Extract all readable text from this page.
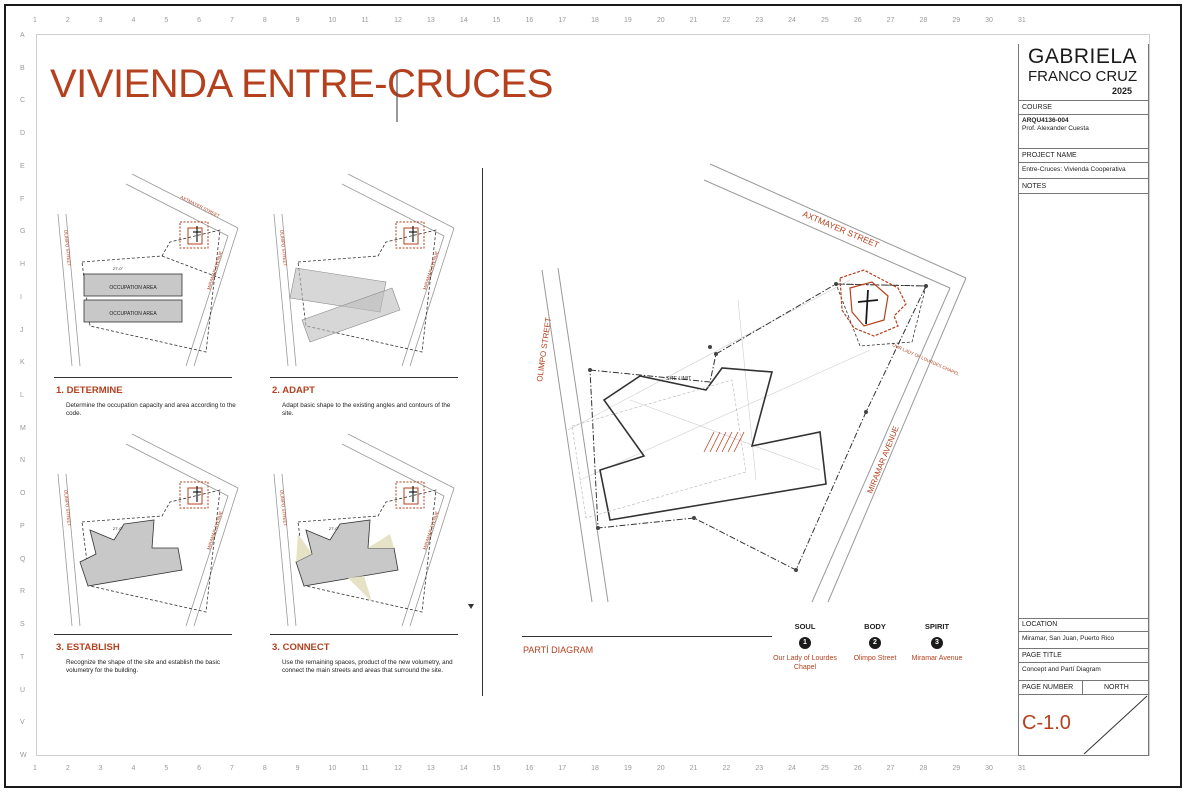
1	2	3	4	5	6	7	8	9	10	11	12	13	14	15	16	17	18	19	20	21	22	23	24	25	26	27	28	29	30	31
1	2	3	4	5	6	7	8	9	10	11	12	13	14	15	16	17	18	19	20	21	22	23	24	25	26	27	28	29	30	31
A
B
C
D
E
F
G
H
I
J
K
L
M
N
O
P
Q
R
S
T
U
V
W
VIVIENDA ENTRE-CRUCES
OCCUPATION AREA
OCCUPATION AREA
27'-0"
AXTMAYER STREET
OLIMPO STREET
MIRAMAR AVENUE
OLIMPO STREET
MIRAMAR AVENUE
27'-0"
OLIMPO STREET
MIRAMAR AVENUE	27'-0"
OLIMPO STREET
MIRAMAR AVENUE
1. DETERMINE
Determine the occupation capacity and area according to the code.
2. ADAPT
Adapt basic shape to the existing angles and contours of the site.
3. ESTABLISH
Recognize the shape of the site and establish the basic volumetry for the building.
3. CONNECT
Use the remaining spaces, product of the new volumetry, and connect the main streets and areas that surround the site.
AXTMAYER STREET
OLIMPO STREET
MIRAMAR AVENUE
SITE LIMIT
OUR LADY OF LOURDES CHAPEL
PARTÍ DIAGRAM
SOUL
1
Our Lady of Lourdes Chapel
BODY
2
Olimpo Street
SPIRIT
3
Miramar Avenue
GABRIELA
FRANCO CRUZ
2025
COURSE
ARQU4136-004
Prof. Alexander Cuesta
PROJECT NAME
Entre-Cruces: Vivienda Cooperativa
NOTES
LOCATION
Miramar, San Juan, Puerto Rico
PAGE TITLE
Concept and Partí Diagram
PAGE NUMBER	NORTH
C-1.0
